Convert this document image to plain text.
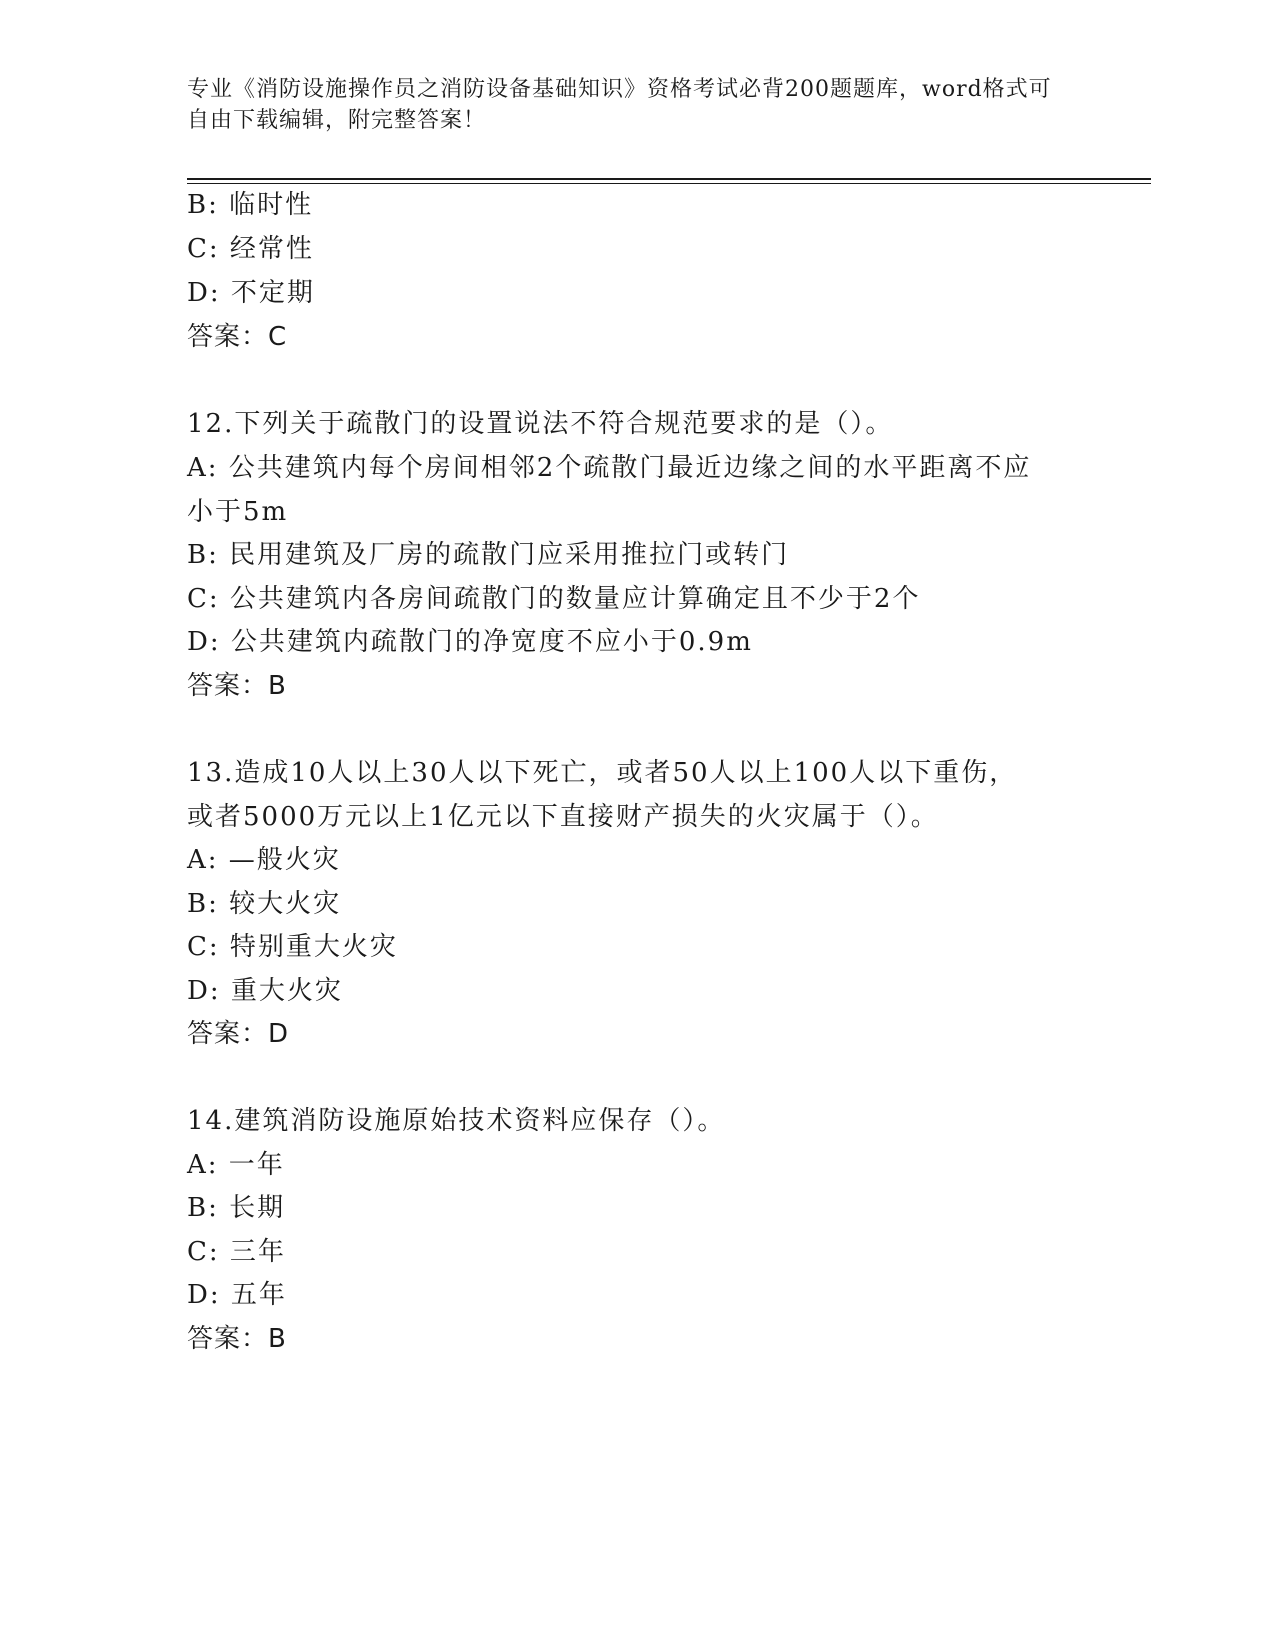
专业《消防设施操作员之消防设备基础知识》资格考试必背200题题库，word格式可自由下载编辑，附完整答案！
B: 临时性
C: 经常性
D: 不定期
答案：C
12.下列关于疏散门的设置说法不符合规范要求的是（）。
A: 公共建筑内每个房间相邻2个疏散门最近边缘之间的水平距离不应
小于5m
B: 民用建筑及厂房的疏散门应采用推拉门或转门
C: 公共建筑内各房间疏散门的数量应计算确定且不少于2个
D: 公共建筑内疏散门的净宽度不应小于0.9m
答案：B
13.造成10人以上30人以下死亡，或者50人以上100人以下重伤，
或者5000万元以上1亿元以下直接财产损失的火灾属于（）。
A: —般火灾
B: 较大火灾
C: 特别重大火灾
D: 重大火灾
答案：D
14.建筑消防设施原始技术资料应保存（）。
A: 一年
B: 长期
C: 三年
D: 五年
答案：B
